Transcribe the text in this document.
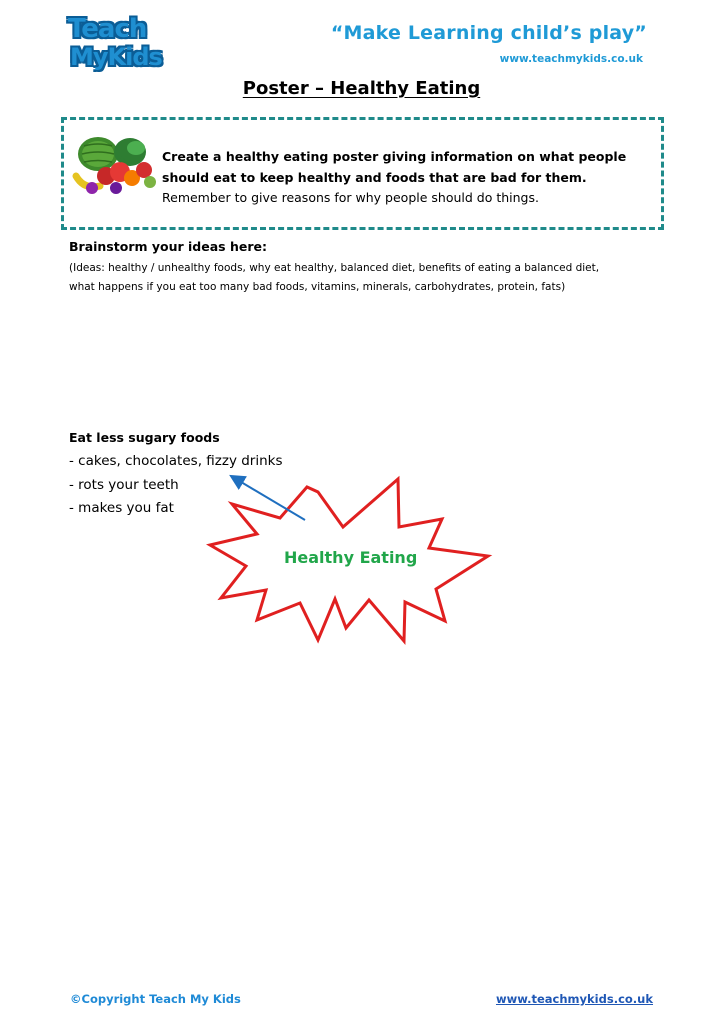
Teach
MyKids
“Make Learning child’s play”
www.teachmykids.co.uk
Poster – Healthy Eating
Create a healthy eating poster giving information on what people
should eat to keep healthy and foods that are bad for them.
Remember to give reasons for why people should do things.
Brainstorm your ideas here:
(Ideas: healthy / unhealthy foods, why eat healthy, balanced diet, benefits of eating a balanced diet,
what happens if you eat too many bad foods, vitamins, minerals, carbohydrates, protein, fats)
Eat less sugary foods
- cakes, chocolates, fizzy drinks
- rots your teeth
- makes you fat
Healthy Eating
©Copyright Teach My Kids	www.teachmykids.co.uk
